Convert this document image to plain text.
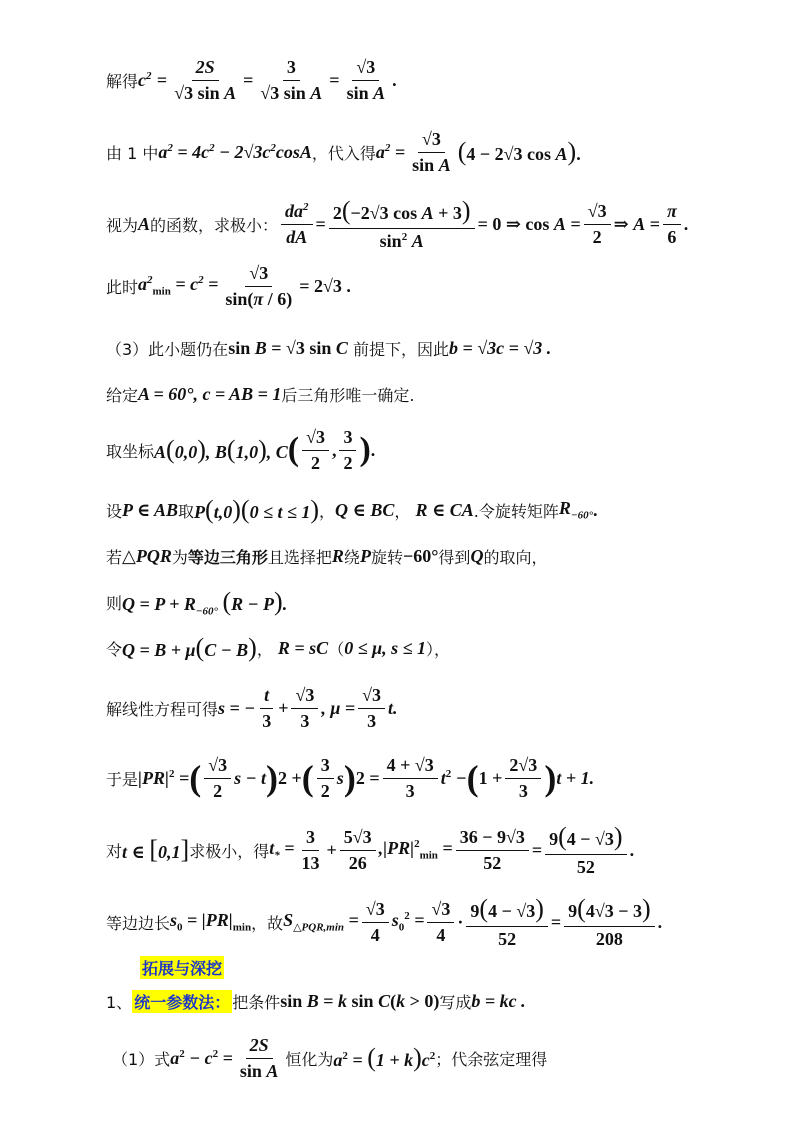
解得 $c^2$
= $\frac{2S}{\text{√3 sin A}} = \frac{3}{\text{√3 sin A}} = \frac{√3}{\text{sin A}}$ .
由 1 中 $a^2 = 4c^2 - 2√3c^2\cos A$ ，代入得 $a^2 = \frac{√3}{\text{sin A}} (4 - 2√3$ cos A).
视为 A 的函数，求极小： $\frac{da^2}{dA} = \frac{\text{2(−2√3 cos A + 3)}}{\sin^2 A} = 0$ ⇒ $\cos A = \frac{√3}{2}$ ⇒ $A = \frac{\pi}{6}$ .
此时 $a^2_{min} = c^2 = \frac{√3}{\sin(\pi / 6)} = 2√3$ .
（3）此小题仍在 sin B = √3 sin C 前提下，因此 b = √3c = √3 .
给定 A = 60°, c = AB = 1 后三角形唯一确定.
取坐标 A(0,0), B(1,0), C ( $\frac{√3}{2}$ , $\frac{3}{2}$ ) .
设 P ∈ AB 取 P(t,0)(0 ≤ t ≤ 1) ， Q ∈ BC ， R ∈ CA .令旋转矩阵 $R_{-60^\circ}$ .
若 △PQR 为 等边三角形 且选择把 R 绕 P 旋转 −60° 得到 Q 的取向，
则 $Q = P + R_{-60^\circ}$ (R − P).
令 Q = B + μ(C − B) ， R = sC （ 0 ≤ μ, s ≤ 1 ），
解线性方程可得 s = − $\frac{t}{3} + \frac{√3}{3}$ , $\mu = \frac{√3}{3} t$.
于是 $|PR|^2$ = ( $\frac{√3}{2}$ s − t ) 2 + ( $\frac{3}{2}$ s ) $2 = \frac{4 + √3}{3} t^2$ − ( $1 + \frac{2√3}{3}$ ) t + 1.
对 t ∈ [0,1] 求极小，得 $t_* = \frac{3}{13} + \frac{5√3}{26} ,|PR|^2_{min} = \frac{36 - 9√3}{52} = \frac{9(4 - √3)}{52}$ .
等边边长 $s_0 = |PR|_{min}$ ，故 $S_{\triangle PQR,min} = \frac{√3}{4} s_0^2 = \frac{√3}{4} \cdot \frac{9(4 - √3)}{52} = \frac{9(4√3 - 3)}{208}$ .
拓展与深挖
1、 统一参数法： 把条件 sin B = k sin C(k > 0) 写成 b = kc .
（1）式 $a^2 - c^2 = \frac{2S}{\text{sin A}}$ 恒化为 $a^2 = (1 + k)c^2$ ；代余弦定理得
